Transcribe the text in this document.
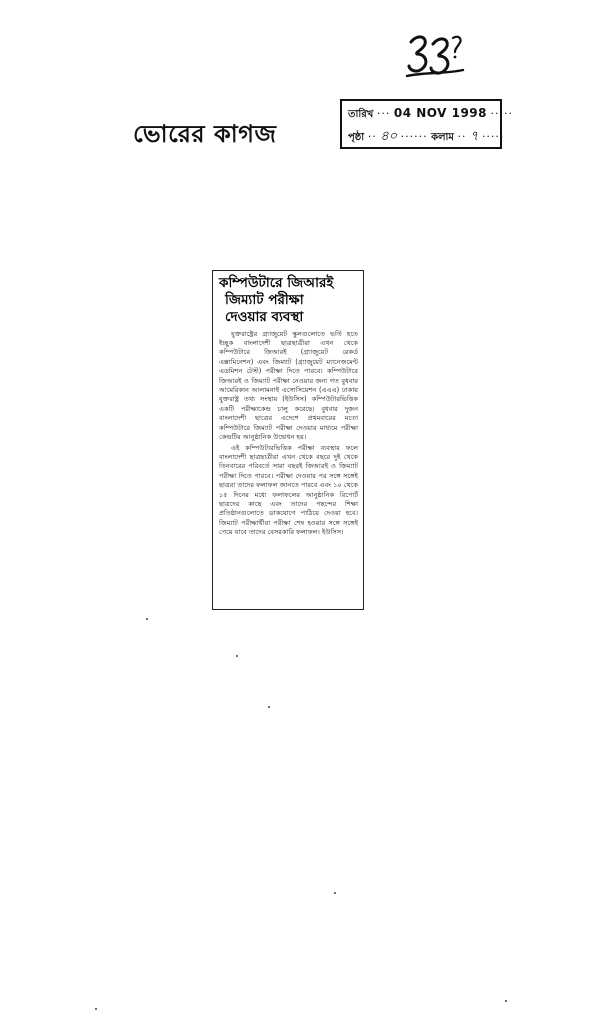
ভোরের কাগজ
তারিখ ··· 04 NOV 1998 ·····
পৃষ্ঠা ·· ৪০ ······ কলাম ·· ৭ ·····
কম্পিউটারে জিআরই
জিম্যাট পরীক্ষা
দেওয়ার ব্যবস্থা

যুক্তরাষ্ট্রের গ্র্যাজুয়েট স্কুলগুলোতে ভর্তি হতে ইচ্ছুক বাংলাদেশী ছাত্রছাত্রীরা এখন থেকে কম্পিউটারে জিআরই (গ্র্যাজুয়েট রেকর্ড এক্সামিনেশন) এবং জিম্যাট (গ্র্যাজুয়েট ম্যানেজমেন্ট এডমিশন টেস্ট) পরীক্ষা দিতে পারবে। কম্পিউটারে জিআরই ও জিম্যাট পরীক্ষা নেওয়ার জন্য গত বুধবার আমেরিকান আলামনাই এসোসিয়েশন (এএএ) ঢাকায় যুক্তরাষ্ট্র তথ্য সংস্থায় (ইউসিস) কম্পিউটারভিত্তিক একটি পরীক্ষাকেন্দ্র চালু করেছে। বুধবার দুজন বাংলাদেশী ছাত্রের এদেশে প্রথমবারের মতো কম্পিউটারে জিম্যাট পরীক্ষা দেওয়ার মাধ্যমে পরীক্ষা কেন্দ্রটির আনুষ্ঠানিক উদ্বোধন হয়।

এই কম্পিউটারভিত্তিক পরীক্ষা ব্যবস্থার ফলে বাংলাদেশী ছাত্রছাত্রীরা এখন থেকে বছরে দুই থেকে তিনবারের পরিবর্তে সারা বছরই জিআরই ও জিম্যাট পরীক্ষা দিতে পারবে। পরীক্ষা দেওয়ার পর সঙ্গে সঙ্গেই ছাত্ররা তাদের ফলাফল জানতে পারবে এবং ১০ থেকে ১৫ দিনের মধ্যে ফলাফলের আনুষ্ঠানিক রিপোর্ট ছাত্রদের কাছে এবং তাদের পছন্দের শিক্ষা প্রতিষ্ঠানগুলোতে ডাকযোগে পাঠিয়ে দেওয়া হবে। জিম্যাট পরীক্ষার্থীরা পরীক্ষা শেষ হওয়ার সঙ্গে সঙ্গেই পেয়ে যাবে তাদের বেসরকারি ফলাফল। ইউসিস।
